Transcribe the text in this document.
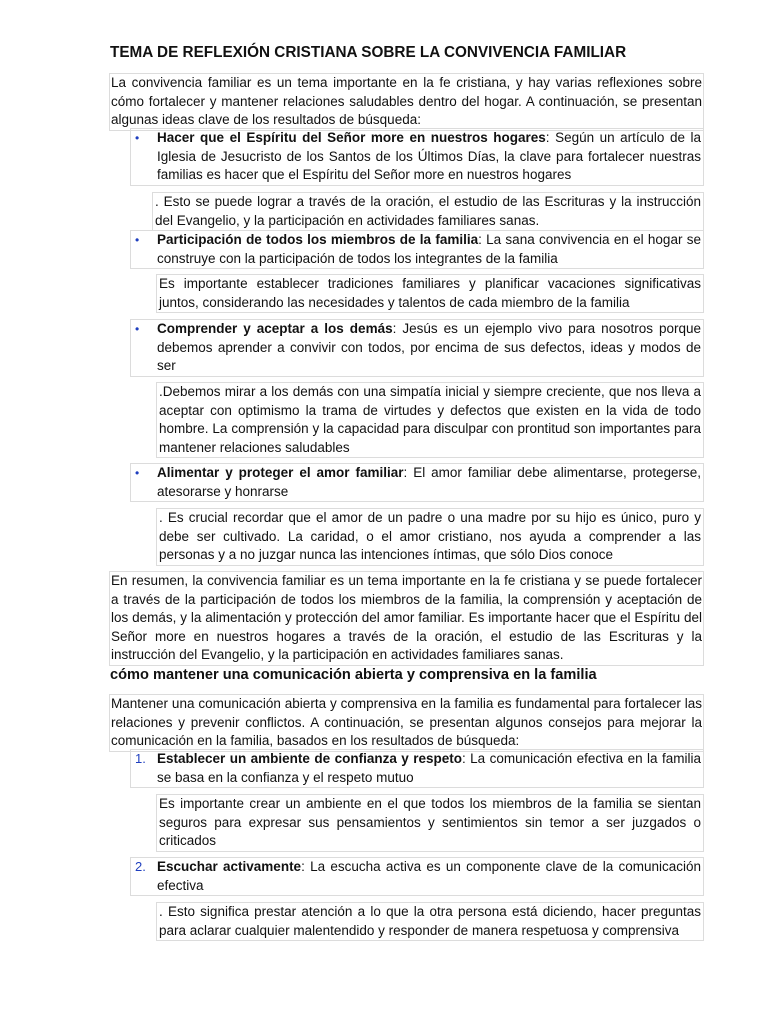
TEMA DE REFLEXIÓN CRISTIANA SOBRE LA CONVIVENCIA FAMILIAR
La convivencia familiar es un tema importante en la fe cristiana, y hay varias reflexiones sobre cómo fortalecer y mantener relaciones saludables dentro del hogar. A continuación, se presentan algunas ideas clave de los resultados de búsqueda:
•	Hacer que el Espíritu del Señor more en nuestros hogares: Según un artículo de la Iglesia de Jesucristo de los Santos de los Últimos Días, la clave para fortalecer nuestras familias es hacer que el Espíritu del Señor more en nuestros hogares
. Esto se puede lograr a través de la oración, el estudio de las Escrituras y la instrucción del Evangelio, y la participación en actividades familiares sanas.
•	Participación de todos los miembros de la familia: La sana convivencia en el hogar se construye con la participación de todos los integrantes de la familia
Es importante establecer tradiciones familiares y planificar vacaciones significativas juntos, considerando las necesidades y talentos de cada miembro de la familia
•	Comprender y aceptar a los demás: Jesús es un ejemplo vivo para nosotros porque debemos aprender a convivir con todos, por encima de sus defectos, ideas y modos de ser
.Debemos mirar a los demás con una simpatía inicial y siempre creciente, que nos lleva a aceptar con optimismo la trama de virtudes y defectos que existen en la vida de todo hombre. La comprensión y la capacidad para disculpar con prontitud son importantes para mantener relaciones saludables
•	Alimentar y proteger el amor familiar: El amor familiar debe alimentarse, protegerse, atesorarse y honrarse
. Es crucial recordar que el amor de un padre o una madre por su hijo es único, puro y debe ser cultivado. La caridad, o el amor cristiano, nos ayuda a comprender a las personas y a no juzgar nunca las intenciones íntimas, que sólo Dios conoce
En resumen, la convivencia familiar es un tema importante en la fe cristiana y se puede fortalecer a través de la participación de todos los miembros de la familia, la comprensión y aceptación de los demás, y la alimentación y protección del amor familiar. Es importante hacer que el Espíritu del Señor more en nuestros hogares a través de la oración, el estudio de las Escrituras y la instrucción del Evangelio, y la participación en actividades familiares sanas.
cómo mantener una comunicación abierta y comprensiva en la familia
Mantener una comunicación abierta y comprensiva en la familia es fundamental para fortalecer las relaciones y prevenir conflictos. A continuación, se presentan algunos consejos para mejorar la comunicación en la familia, basados en los resultados de búsqueda:
1. Establecer un ambiente de confianza y respeto: La comunicación efectiva en la familia se basa en la confianza y el respeto mutuo
Es importante crear un ambiente en el que todos los miembros de la familia se sientan seguros para expresar sus pensamientos y sentimientos sin temor a ser juzgados o criticados
2. Escuchar activamente: La escucha activa es un componente clave de la comunicación efectiva
. Esto significa prestar atención a lo que la otra persona está diciendo, hacer preguntas para aclarar cualquier malentendido y responder de manera respetuosa y comprensiva
